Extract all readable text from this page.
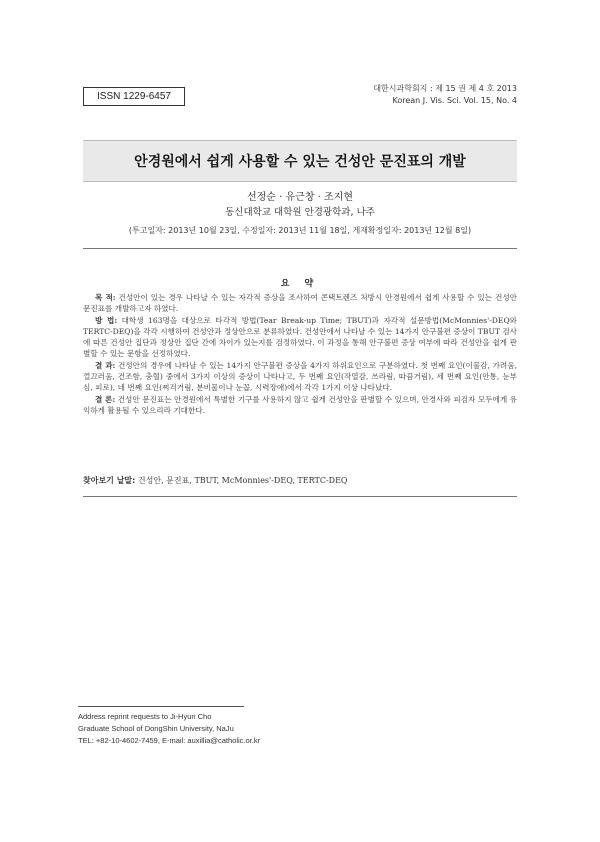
ISSN 1229-6457
대한시과학회지 : 제 15 권 제 4 호 2013
Korean J. Vis. Sci. Vol. 15, No. 4
안경원에서 쉽게 사용할 수 있는 건성안 문진표의 개발
선정순 · 유근창 · 조지현
동신대학교 대학원 안경광학과, 나주
(투고일자: 2013년 10월 23일, 수정일자: 2013년 11월 18일, 게재확정일자: 2013년 12월 8일)
요 약

목 적: 건성안이 있는 경우 나타날 수 있는 자각적 증상을 조사하여 콘택트렌즈 처방시 안경원에서 쉽게 사용할 수 있는 건성안 문진표를 개발하고자 하였다.

방 법: 대학생 163명을 대상으로 타각적 방법(Tear Break-up Time; TBUT)과 자각적 설문방법(McMonnies'-DEQ와 TERTC-DEQ)을 각각 시행하여 건성안과 정상안으로 분류하였다. 건성안에서 나타날 수 있는 14가지 안구불편 증상이 TBUT 검사에 따른 건성안 집단과 정상안 집단 간에 차이가 있는지를 검정하였다. 이 과정을 통해 안구불편 증상 여부에 따라 건성안을 쉽게 판별할 수 있는 문항을 선정하였다.

결 과: 건성안의 경우에 나타날 수 있는 14가지 안구불편 증상을 4가지 하위요인으로 구분하였다. 첫 번째 요인(이물감, 가려움, 껄끄러움, 건조함, 충혈) 중에서 3가지 이상의 증상이 나타나고, 두 번째 요인(작열감, 쓰라림, 따끔거림), 세 번째 요인(안통, 눈부심, 피로), 네 번째 요인(찌걱거림, 분비물이나 눈꼽, 시력장애)에서 각각 1가지 이상 나타났다.

결 론: 건성안 문진표는 안경원에서 특별한 기구를 사용하지 않고 쉽게 건성안을 판별할 수 있으며, 안경사와 피검자 모두에게 유익하게 활용될 수 있으리라 기대한다.

찾아보기 낱말: 건성안, 문진표, TBUT, McMonnies'-DEQ, TERTC-DEQ
Address reprint requests to Ji-Hyun Cho
Graduate School of DongShin University, NaJu
TEL: +82-10-4602-7459, E-mail: auxillia@catholic.or.kr
